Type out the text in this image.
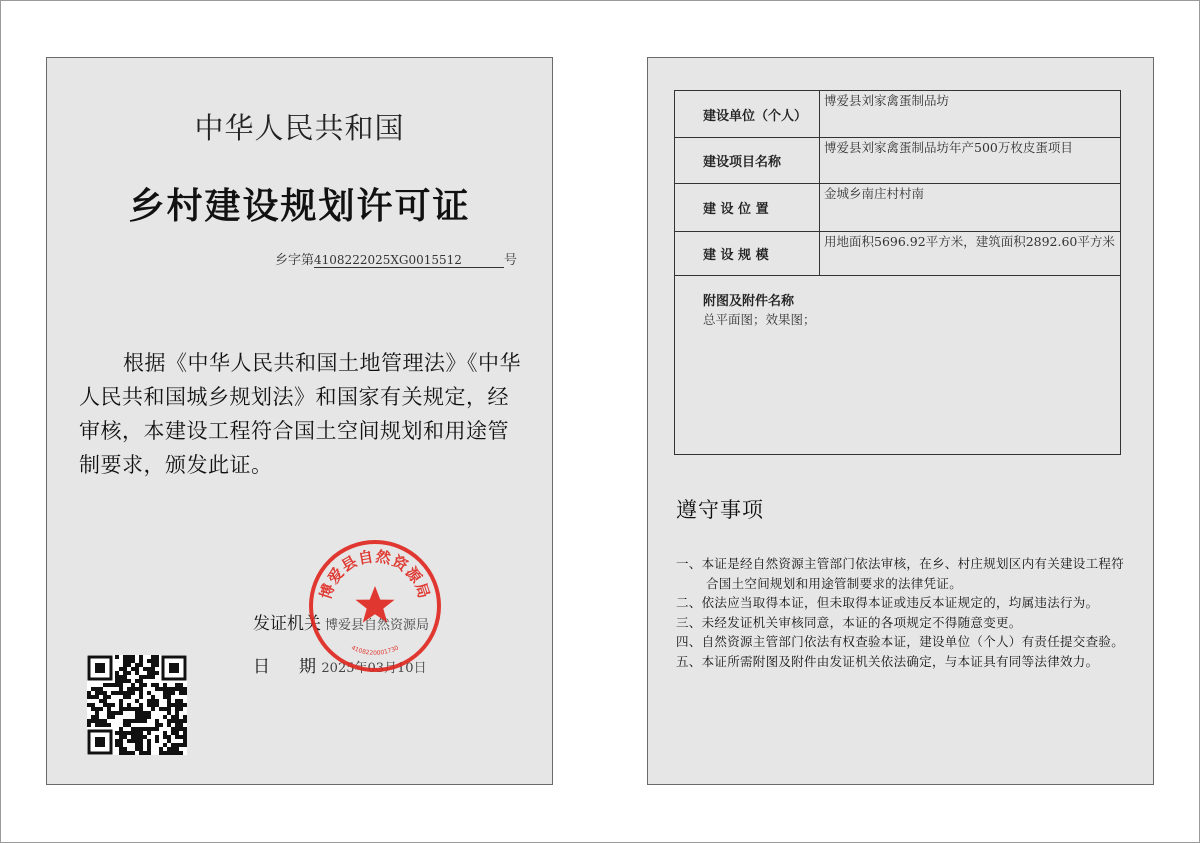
中华人民共和国
乡村建设规划许可证
乡字第4108222025XG0015512	号
根据《中华人民共和国土地管理法》《中华人民共和国城乡规划法》和国家有关规定，经审核，本建设工程符合国土空间规划和用途管制要求，颁发此证。
发证机关 博爱县自然资源局
日 期 2025年03月10日
博爱县自然资源局
4108220001730
建设单位（个人）	博爱县刘家禽蛋制品坊
建设项目名称	博爱县刘家禽蛋制品坊年产500万枚皮蛋项目
建 设 位 置	金城乡南庄村村南
建 设 规 模	用地面积5696.92平方米，建筑面积2892.60平方米

附图及附件名称
总平面图；效果图；	
遵守事项
一、本证是经自然资源主管部门依法审核，在乡、村庄规划区内有关建设工程符合国土空间规划和用途管制要求的法律凭证。
二、依法应当取得本证，但未取得本证或违反本证规定的，均属违法行为。
三、未经发证机关审核同意，本证的各项规定不得随意变更。
四、自然资源主管部门依法有权查验本证，建设单位（个人）有责任提交查验。
五、本证所需附图及附件由发证机关依法确定，与本证具有同等法律效力。
